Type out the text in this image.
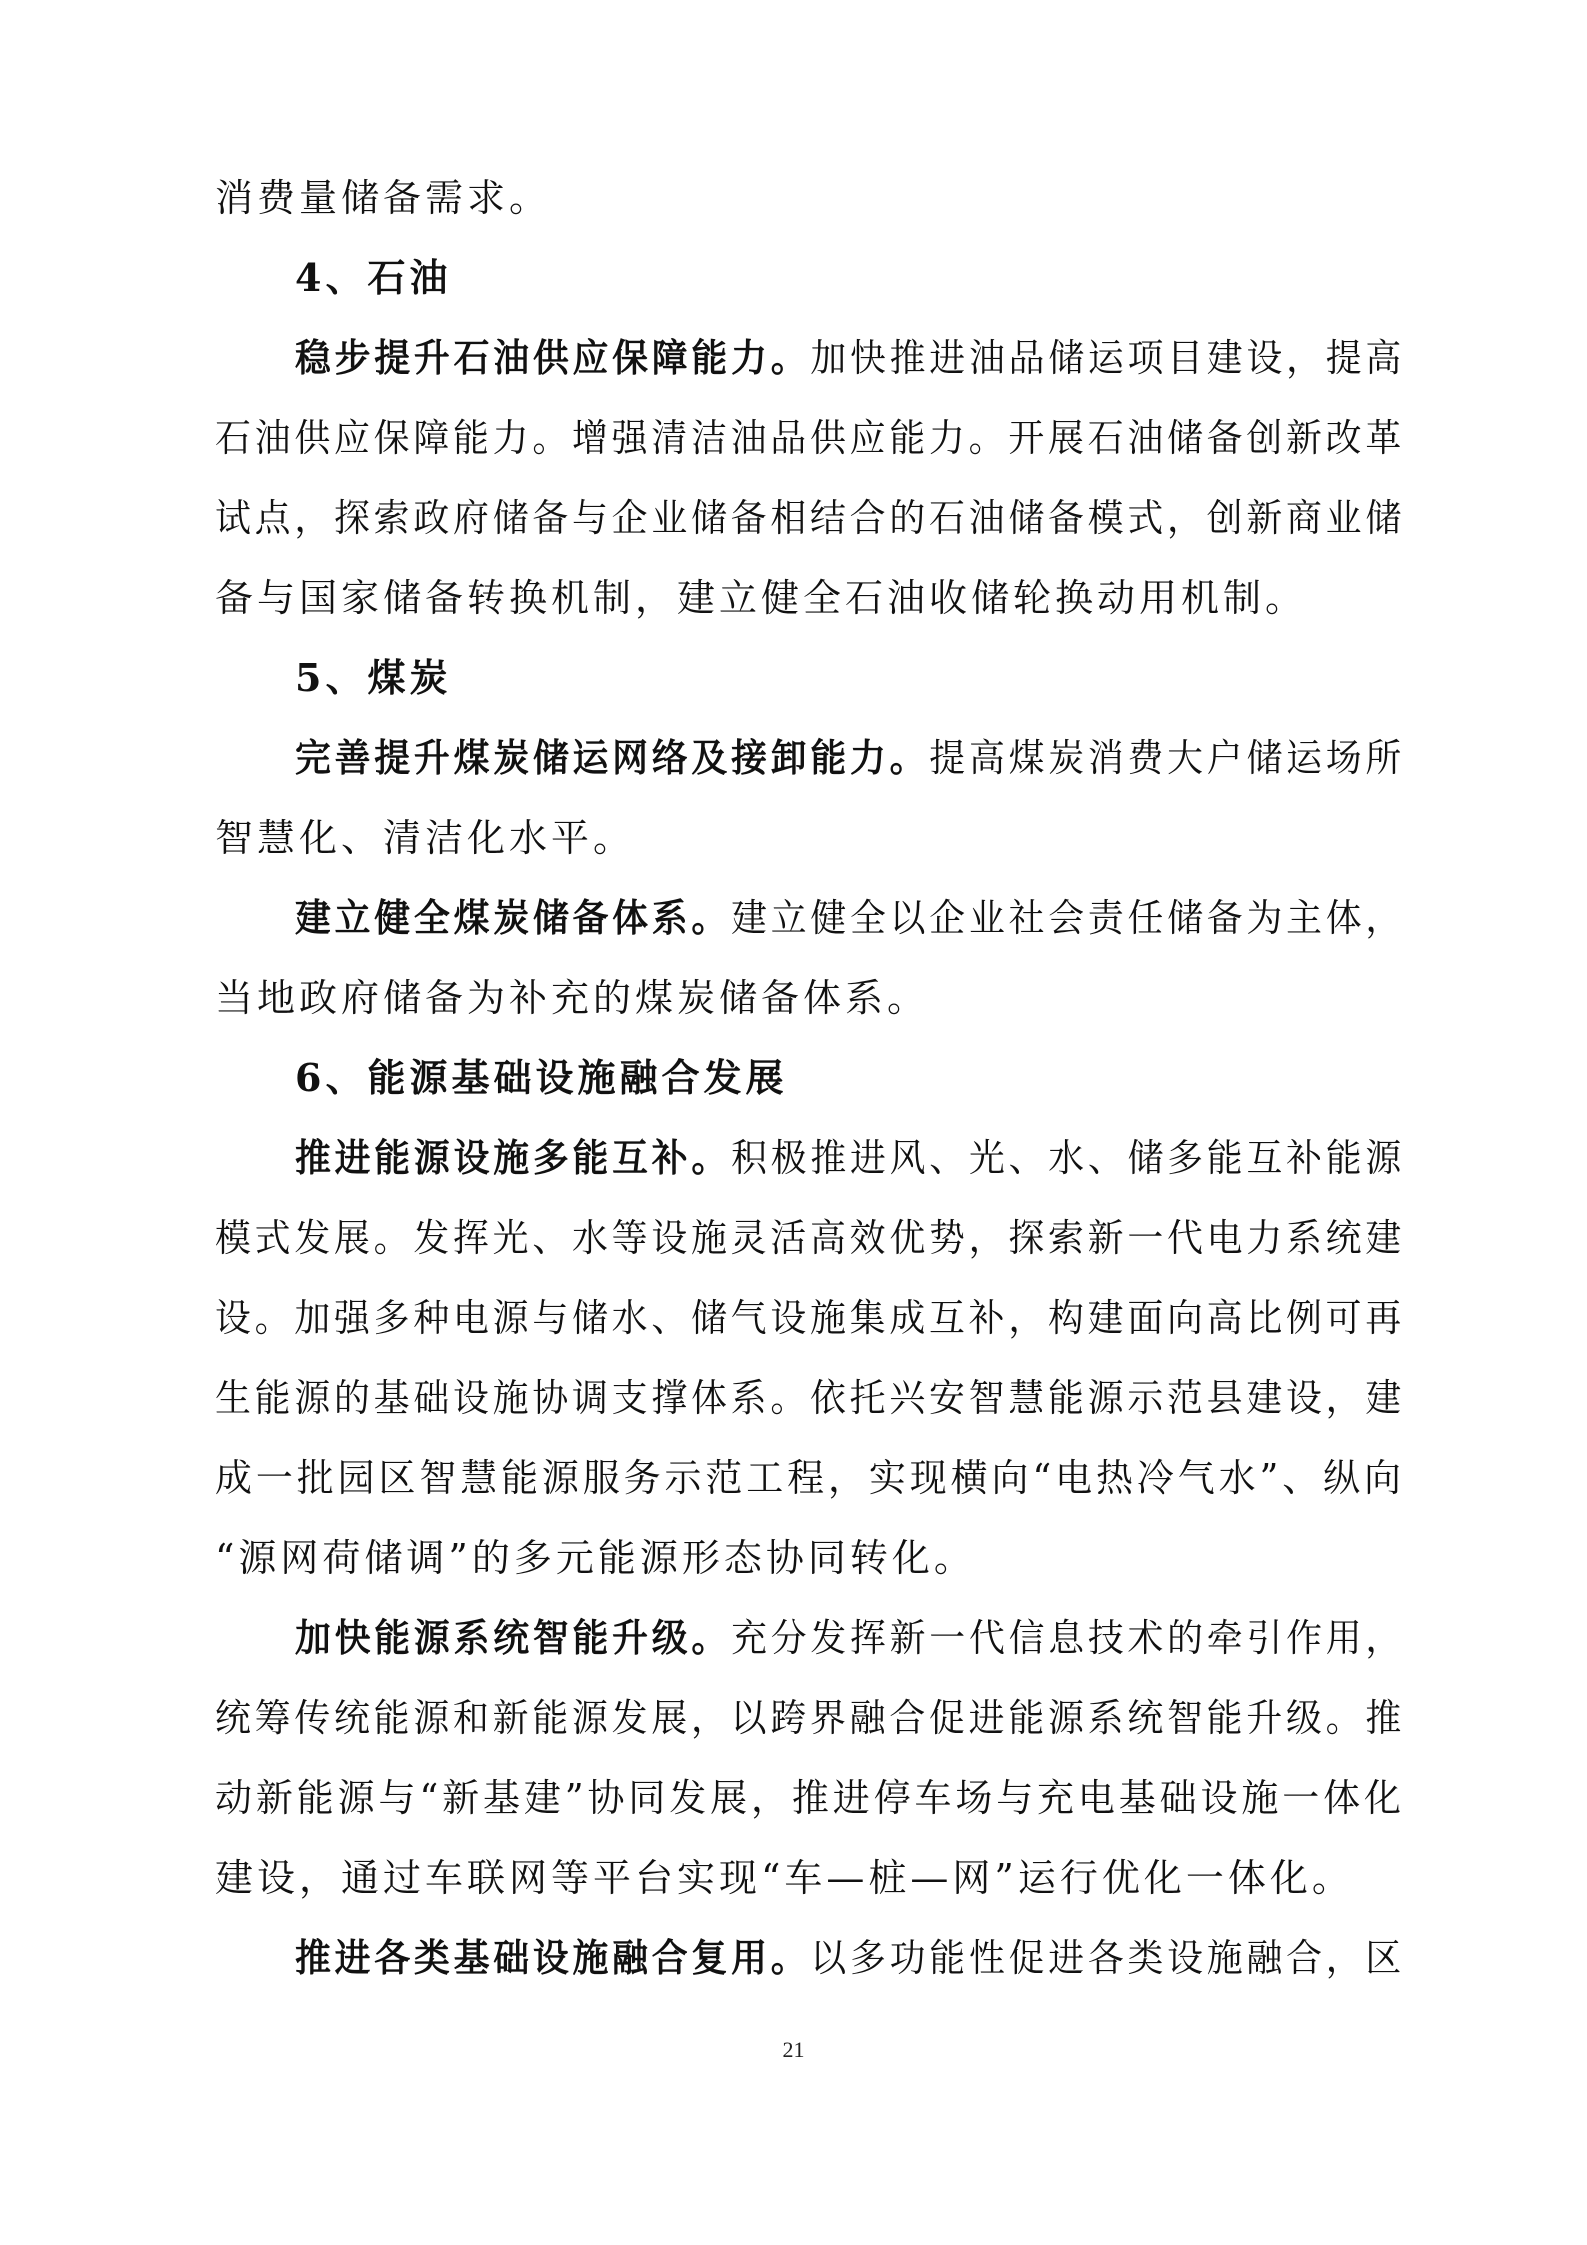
消费量储备需求。
4、石油
稳步提升石油供应保障能力。加快推进油品储运项目建设，提高
石油供应保障能力。增强清洁油品供应能力。开展石油储备创新改革
试点，探索政府储备与企业储备相结合的石油储备模式，创新商业储
备与国家储备转换机制，建立健全石油收储轮换动用机制。
5、煤炭
完善提升煤炭储运网络及接卸能力。提高煤炭消费大户储运场所
智慧化、清洁化水平。
建立健全煤炭储备体系。建立健全以企业社会责任储备为主体，
当地政府储备为补充的煤炭储备体系。
6、能源基础设施融合发展
推进能源设施多能互补。积极推进风、光、水、储多能互补能源
模式发展。发挥光、水等设施灵活高效优势，探索新一代电力系统建
设。加强多种电源与储水、储气设施集成互补，构建面向高比例可再
生能源的基础设施协调支撑体系。依托兴安智慧能源示范县建设，建
成一批园区智慧能源服务示范工程，实现横向“电热冷气水”、纵向
“源网荷储调”的多元能源形态协同转化。
加快能源系统智能升级。充分发挥新一代信息技术的牵引作用，
统筹传统能源和新能源发展，以跨界融合促进能源系统智能升级。推
动新能源与“新基建”协同发展，推进停车场与充电基础设施一体化
建设，通过车联网等平台实现“车—桩—网”运行优化一体化。
推进各类基础设施融合复用。以多功能性促进各类设施融合，区
21
